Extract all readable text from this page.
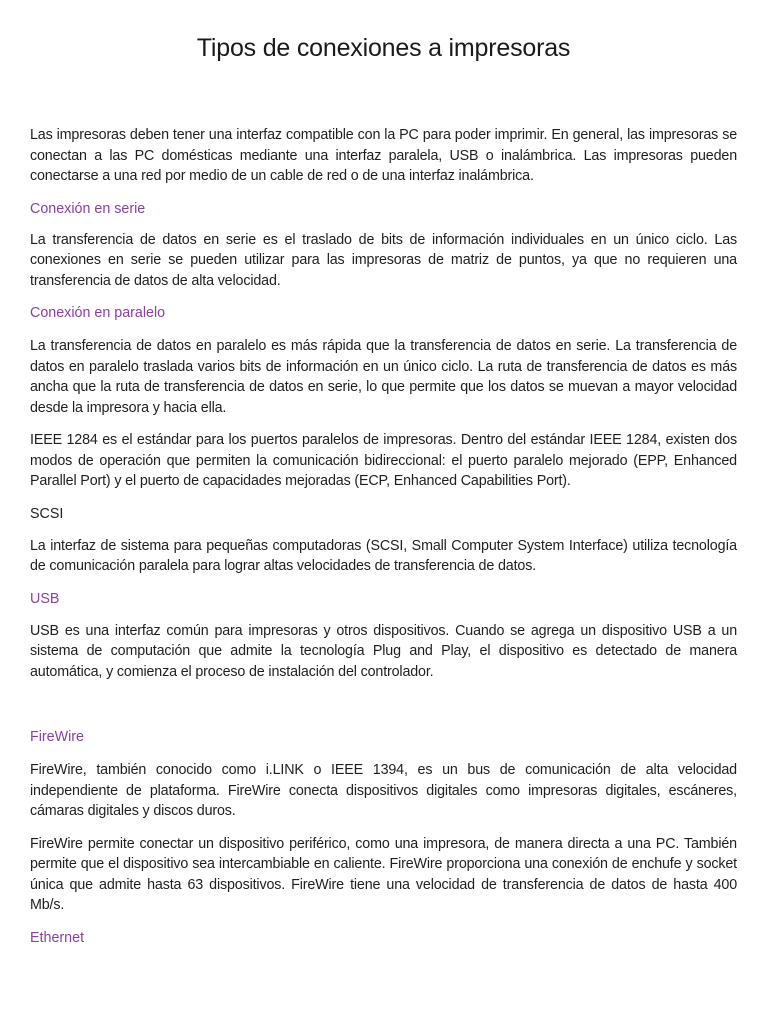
Tipos de conexiones a impresoras

Las impresoras deben tener una interfaz compatible con la PC para poder imprimir. En general, las impresoras se conectan a las PC domésticas mediante una interfaz paralela, USB o inalámbrica. Las impresoras pueden conectarse a una red por medio de un cable de red o de una interfaz inalámbrica.

Conexión en serie

La transferencia de datos en serie es el traslado de bits de información individuales en un único ciclo. Las conexiones en serie se pueden utilizar para las impresoras de matriz de puntos, ya que no requieren una transferencia de datos de alta velocidad.

Conexión en paralelo

La transferencia de datos en paralelo es más rápida que la transferencia de datos en serie. La transferencia de datos en paralelo traslada varios bits de información en un único ciclo. La ruta de transferencia de datos es más ancha que la ruta de transferencia de datos en serie, lo que permite que los datos se muevan a mayor velocidad desde la impresora y hacia ella.

IEEE 1284 es el estándar para los puertos paralelos de impresoras. Dentro del estándar IEEE 1284, existen dos modos de operación que permiten la comunicación bidireccional: el puerto paralelo mejorado (EPP, Enhanced Parallel Port) y el puerto de capacidades mejoradas (ECP, Enhanced Capabilities Port).

SCSI

La interfaz de sistema para pequeñas computadoras (SCSI, Small Computer System Interface) utiliza tecnología de comunicación paralela para lograr altas velocidades de transferencia de datos.

USB

USB es una interfaz común para impresoras y otros dispositivos. Cuando se agrega un dispositivo USB a un sistema de computación que admite la tecnología Plug and Play, el dispositivo es detectado de manera automática, y comienza el proceso de instalación del controlador.

FireWire

FireWire, también conocido como i.LINK o IEEE 1394, es un bus de comunicación de alta velocidad independiente de plataforma. FireWire conecta dispositivos digitales como impresoras digitales, escáneres, cámaras digitales y discos duros.

FireWire permite conectar un dispositivo periférico, como una impresora, de manera directa a una PC. También permite que el dispositivo sea intercambiable en caliente. FireWire proporciona una conexión de enchufe y socket única que admite hasta 63 dispositivos. FireWire tiene una velocidad de transferencia de datos de hasta 400 Mb/s.

Ethernet
